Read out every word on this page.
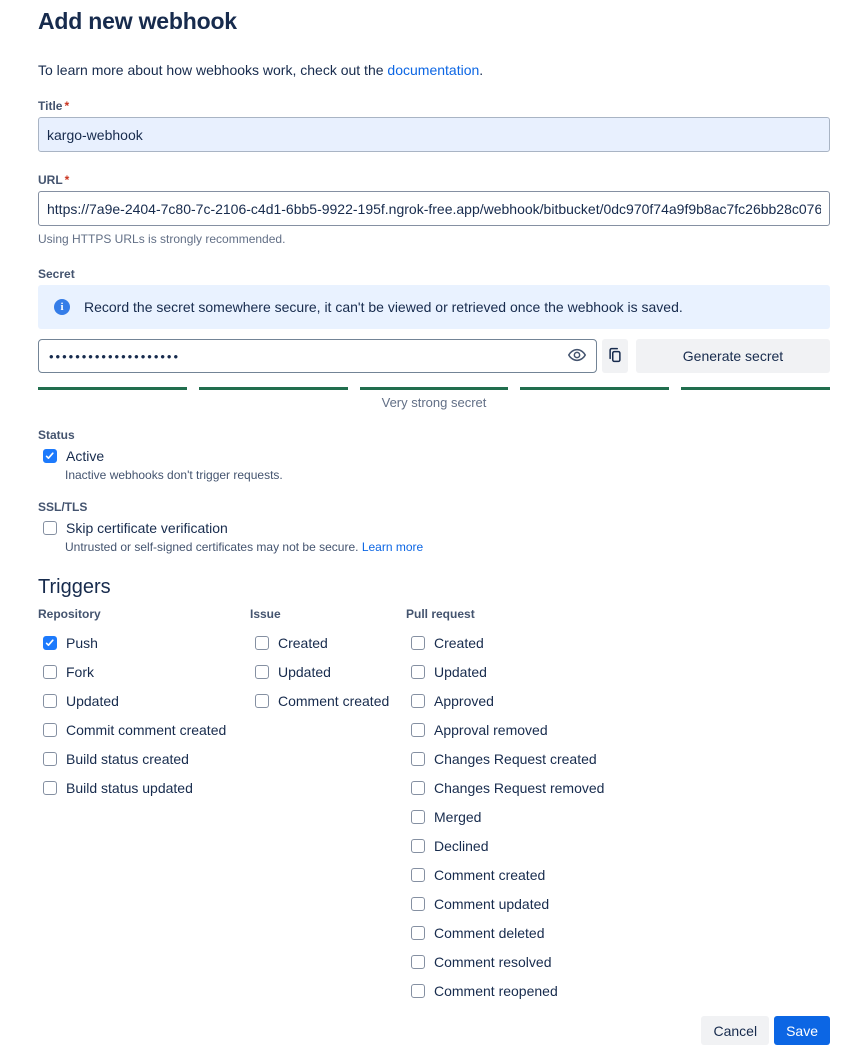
Add new webhook

To learn more about how webhooks work, check out the documentation.

Title *
kargo-webhook
URL *
https://7a9e-2404-7c80-7c-2106-c4d1-6bb5-9922-195f.ngrok-free.app/webhook/bitbucket/0dc970f74a9f9b8ac7fc26bb28c076c0c9
Using HTTPS URLs is strongly recommended.
Secret
i	Record the secret somewhere secure, it can't be viewed or retrieved once the webhook is saved.
••••••••••••••••••••
Generate secret
Very strong secret
Status
Active
Inactive webhooks don't trigger requests.
SSL/TLS
Skip certificate verification
Untrusted or self-signed certificates may not be secure. Learn more
Triggers
Repository
Push
Fork
Updated
Commit comment created
Build status created
Build status updated
Issue
Created
Updated
Comment created
Pull request
Created
Updated
Approved
Approval removed
Changes Request created
Changes Request removed
Merged
Declined
Comment created
Comment updated
Comment deleted
Comment resolved
Comment reopened
Cancel	Save
